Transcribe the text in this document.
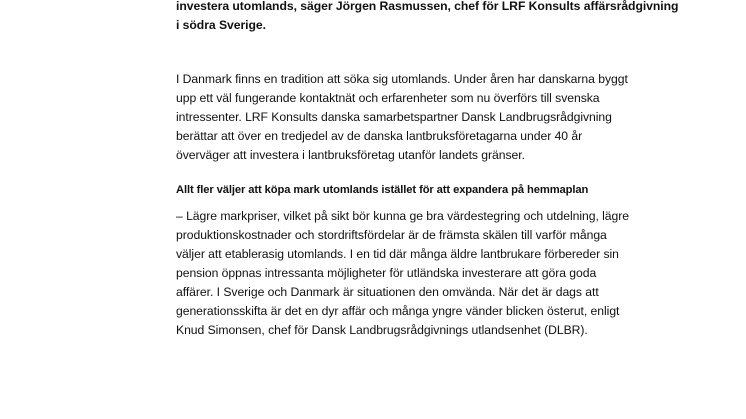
investera utomlands, säger Jörgen Rasmussen, chef för LRF Konsults affärsrådgivning
i södra Sverige.

I Danmark finns en tradition att söka sig utomlands. Under åren har danskarna byggt
upp ett väl fungerande kontaktnät och erfarenheter som nu överförs till svenska
intressenter. LRF Konsults danska samarbetspartner Dansk Landbrugsrådgivning
berättar att över en tredjedel av de danska lantbruksföretagarna under 40 år
överväger att investera i lantbruksföretag utanför landets gränser.

Allt fler väljer att köpa mark utomlands istället för att expandera på hemmaplan

– Lägre markpriser, vilket på sikt bör kunna ge bra värdestegring och utdelning, lägre
produktionskostnader och stordriftsfördelar är de främsta skälen till varför många
väljer att etablerasig utomlands. I en tid där många äldre lantbrukare förbereder sin
pension öppnas intressanta möjligheter för utländska investerare att göra goda
affärer. I Sverige och Danmark är situationen den omvända. När det är dags att
generationsskifta är det en dyr affär och många yngre vänder blicken österut, enligt
Knud Simonsen, chef för Dansk Landbrugsrådgivnings utlandsenhet (DLBR).
